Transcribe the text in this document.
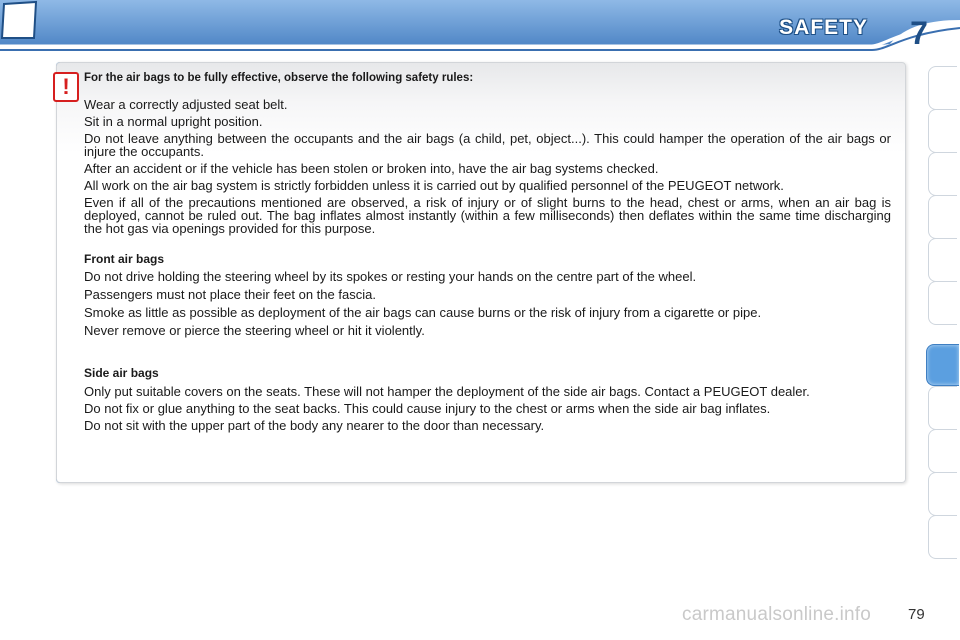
SAFETY	7
!	For the air bags to be fully effective, observe the following safety rules:

Wear a correctly adjusted seat belt.

Sit in a normal upright position.

Do not leave anything between the occupants and the air bags (a child, pet, object...). This could hamper the operation of the air bags or injure the occupants.

After an accident or if the vehicle has been stolen or broken into, have the air bag systems checked.

All work on the air bag system is strictly forbidden unless it is carried out by qualified personnel of the PEUGEOT network.

Even if all of the precautions mentioned are observed, a risk of injury or of slight burns to the head, chest or arms, when an air bag is deployed, cannot be ruled out. The bag inflates almost instantly (within a few milliseconds) then deflates within the same time discharging the hot gas via openings provided for this purpose.

Front air bags

Do not drive holding the steering wheel by its spokes or resting your hands on the centre part of the wheel.

Passengers must not place their feet on the fascia.

Smoke as little as possible as deployment of the air bags can cause burns or the risk of injury from a cigarette or pipe.

Never remove or pierce the steering wheel or hit it violently.

Side air bags

Only put suitable covers on the seats. These will not hamper the deployment of the side air bags. Contact a PEUGEOT dealer.

Do not fix or glue anything to the seat backs. This could cause injury to the chest or arms when the side air bag inflates.

Do not sit with the upper part of the body any nearer to the door than necessary.

carmanualsonline.info 79
